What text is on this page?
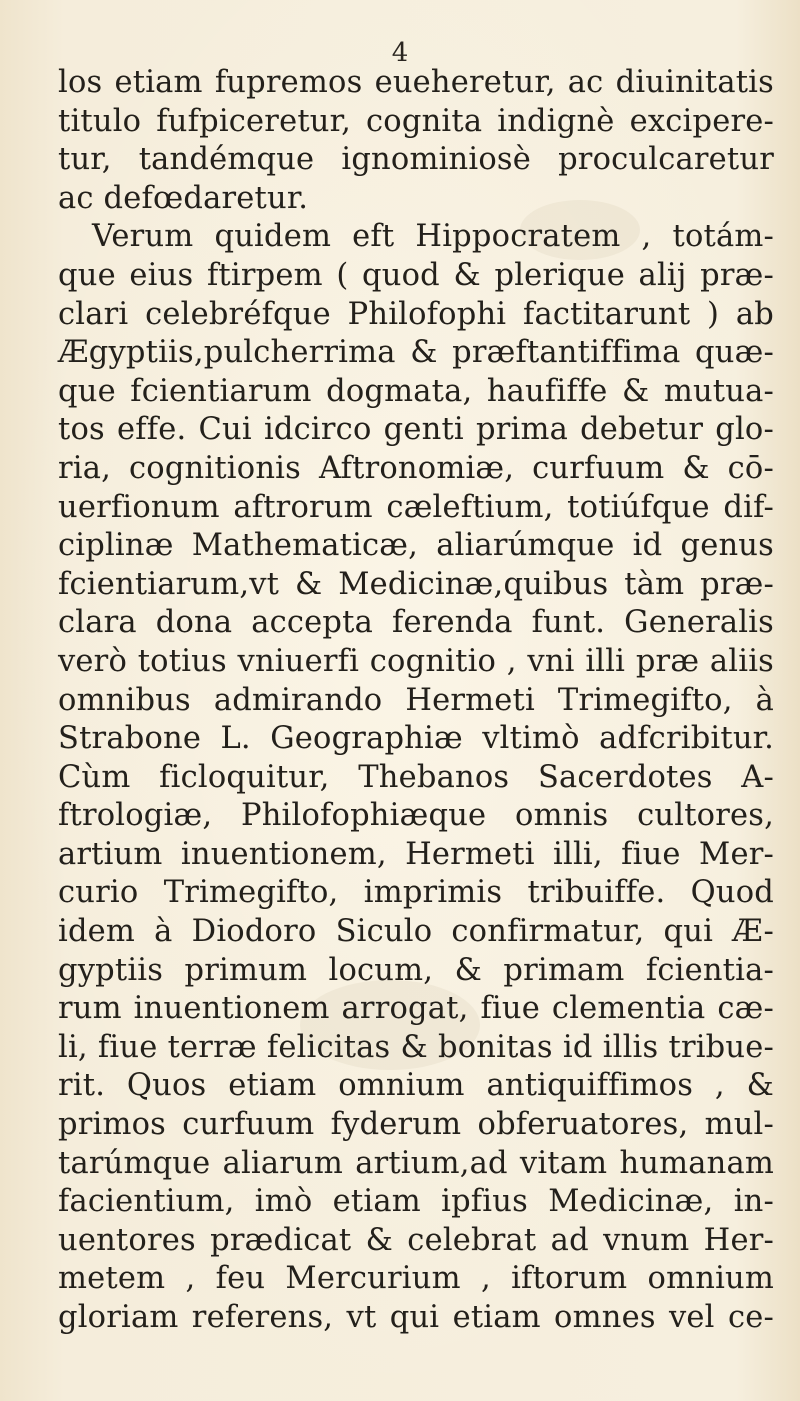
4
los etiam fupremos eueheretur, ac diuinitatis
titulo fufpiceretur, cognita indignè excipere-
tur, tandémque ignominiosè proculcaretur
ac defœdaretur.
Verum quidem eft Hippocratem , totám-
que eius ftirpem ( quod & plerique alij præ-
clari celebréfque Philofophi factitarunt ) ab
Ægyptiis,pulcherrima & præftantiffima quæ-
que fcientiarum dogmata, haufiffe & mutua-
tos effe. Cui idcirco genti prima debetur glo-
ria, cognitionis Aftronomiæ, curfuum & cō-
uerfionum aftrorum cæleftium, totiúfque dif-
ciplinæ Mathematicæ, aliarúmque id genus
fcientiarum,vt & Medicinæ,quibus tàm præ-
clara dona accepta ferenda funt. Generalis
verò totius vniuerfi cognitio , vni illi præ aliis
omnibus admirando Hermeti Trimegifto, à
Strabone L. Geographiæ vltimò adfcribitur.
Cùm ficloquitur, Thebanos Sacerdotes A-
ftrologiæ, Philofophiæque omnis cultores,
artium inuentionem, Hermeti illi, fiue Mer-
curio Trimegifto, imprimis tribuiffe. Quod
idem à Diodoro Siculo confirmatur, qui Æ-
gyptiis primum locum, & primam fcientia-
rum inuentionem arrogat, fiue clementia cæ-
li, fiue terræ felicitas & bonitas id illis tribue-
rit. Quos etiam omnium antiquiffimos , &
primos curfuum fyderum obferuatores, mul-
tarúmque aliarum artium,ad vitam humanam
facientium, imò etiam ipfius Medicinæ, in-
uentores prædicat & celebrat ad vnum Her-
metem , feu Mercurium , iftorum omnium
gloriam referens, vt qui etiam omnes vel ce-
